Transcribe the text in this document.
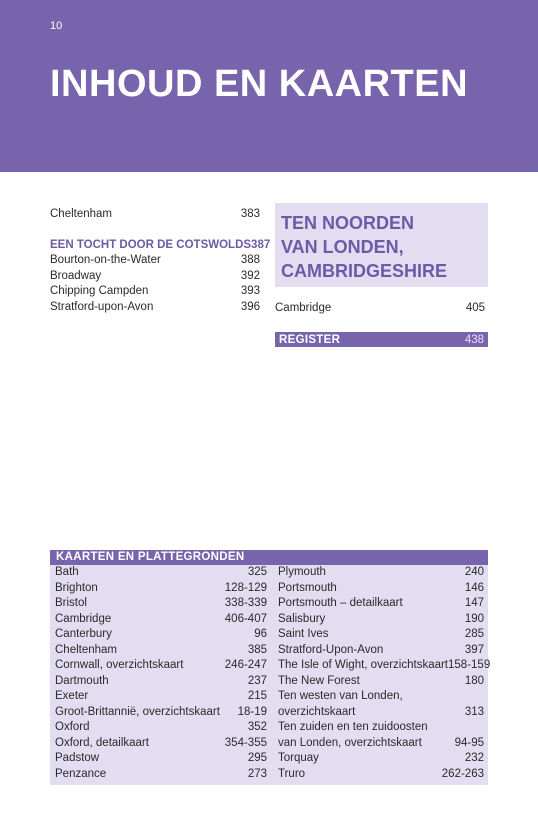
10
INHOUD EN KAARTEN
Cheltenham	383
EEN TOCHT DOOR DE COTSWOLDS 387
Bourton-on-the-Water	388
Broadway	392
Chipping Campden	393
Stratford-upon-Avon	396
TEN NOORDEN
VAN LONDEN,
CAMBRIDGESHIRE
Cambridge	405
REGISTER	438
KAARTEN EN PLATTEGRONDEN
Bath	325
Brighton	128-129
Bristol	338-339
Cambridge	406-407
Canterbury	96
Cheltenham	385
Cornwall, overzichtskaart	246-247
Dartmouth	237
Exeter	215
Groot-Brittannië, overzichtskaart 18-19
Oxford	352
Oxford, detailkaart	354-355
Padstow	295
Penzance	273
Plymouth	240
Portsmouth	146
Portsmouth – detailkaart	147
Salisbury	190
Saint Ives	285
Stratford-Upon-Avon	397
The Isle of Wight, overzichtskaart 158-159
The New Forest	180
Ten westen van Londen,
overzichtskaart	313
Ten zuiden en ten zuidoosten
van Londen, overzichtskaart	94-95
Torquay	232
Truro	262-263
